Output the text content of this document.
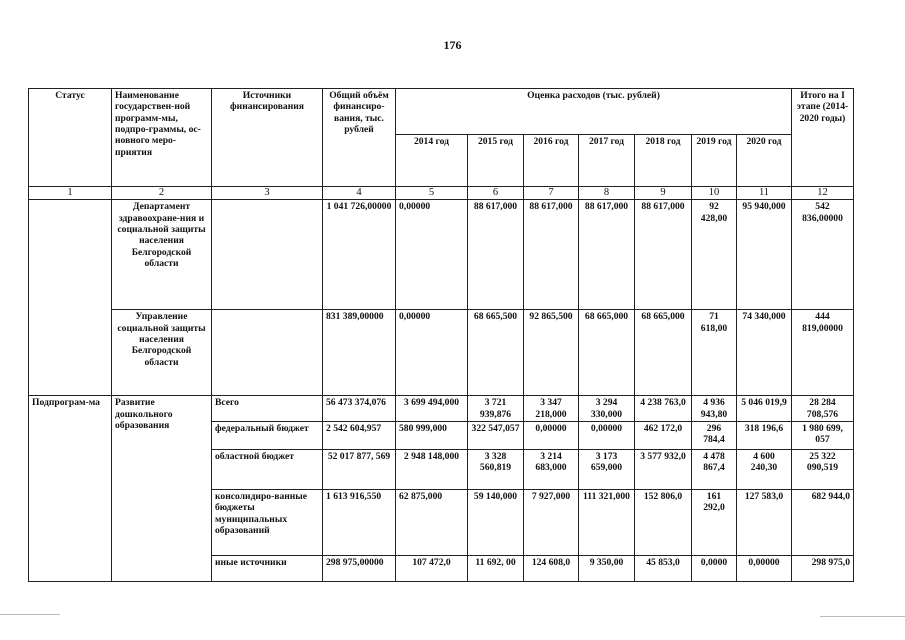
176
Статус	Наименование государствен-ной программ-мы, подпро-граммы, ос-новного меро-приятия	Источники финансирования	Общий объём финансиро-вания, тыс. рублей	Оценка расходов (тыс. рублей)							Итого на I этапе (2014-2020 годы)
				2014 год	2015 год	2016 год	2017 год	2018 год	2019 год	2020 год	
1	2	3	4	5	6	7	8	9	10	11	12
	Департамент здравоохране-ния и социальной защиты населения Белгородской области		1 041 726,00000	0,00000	88 617,000	88 617,000	88 617,000	88 617,000	92 428,00	95 940,000	542 836,00000
	Управление социальной защиты населения Белгородской области		831 389,00000	0,00000	68 665,500	92 865,500	68 665,000	68 665,000	71 618,00	74 340,000	444 819,00000
Подпрограм-ма	Развитие дошкольного образования	Всего	56 473 374,076	3 699 494,000	3 721 939,876	3 347 218,000	3 294 330,000	4 238 763,0	4 936 943,80	5 046 019,9	28 284 708,576
		федеральный бюджет	2 542 604,957	580 999,000	322 547,057	0,00000	0,00000	462 172,0	296 784,4	318 196,6	1 980 699, 057
		областной бюджет	52 017 877, 569	2 948 148,000	3 328 560,819	3 214 683,000	3 173 659,000	3 577 932,0	4 478 867,4	4 600 240,30	25 322 090,519
		консолидиро-ванные бюджеты муниципальных образований	1 613 916,550	62 875,000	59 140,000	7 927,000	111 321,000	152 806,0	161 292,0	127 583,0	682 944,0
		иные источники	298 975,00000	107 472,0	11 692, 00	124 608,0	9 350,00	45 853,0	0,0000	0,00000	298 975,0
